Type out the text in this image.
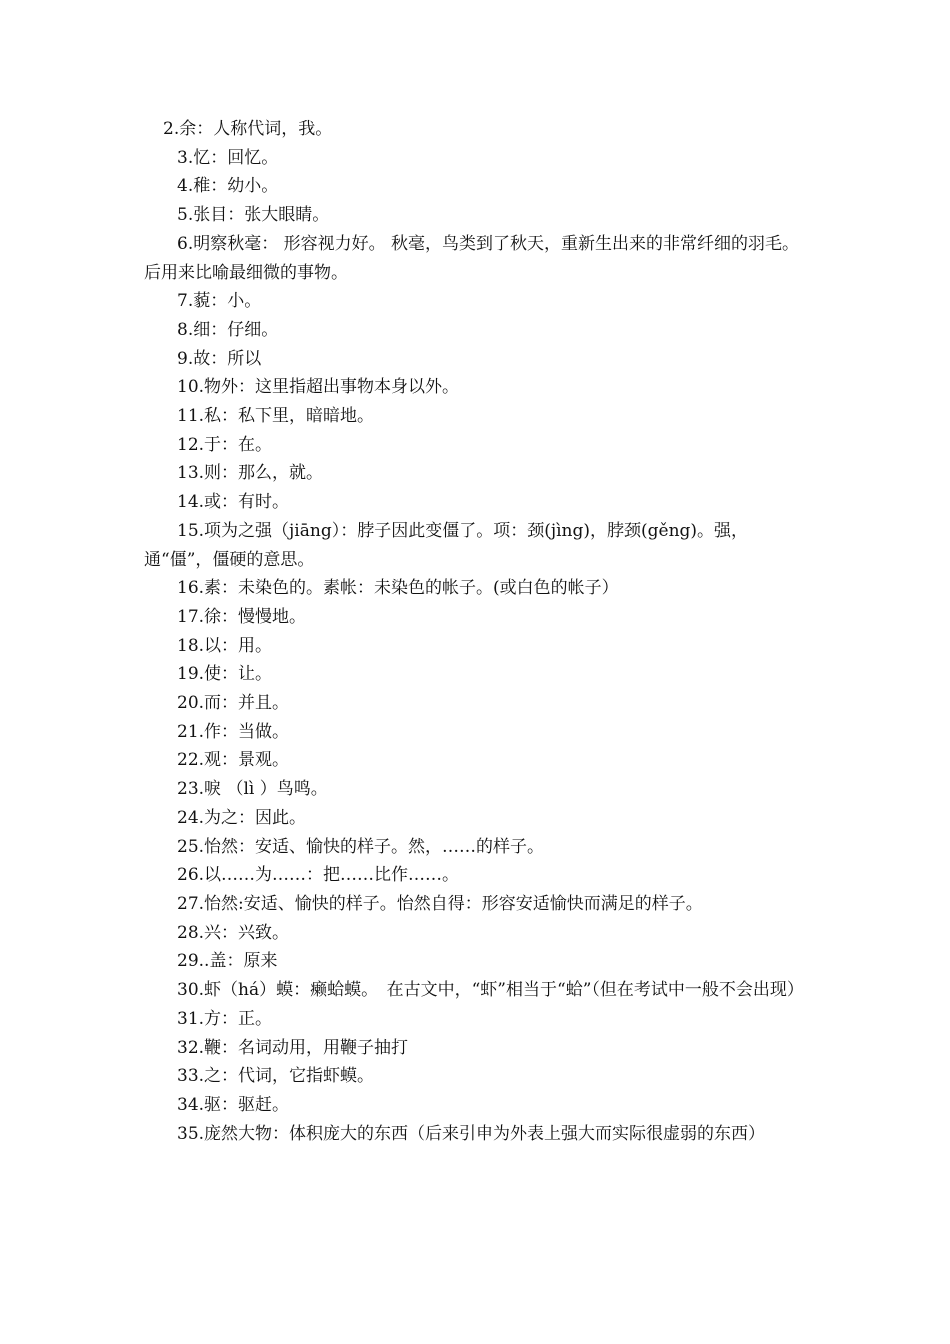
2.余：人称代词，我。

3.忆：回忆。

4.稚：幼小。

5.张目：张大眼睛。

6.明察秋毫： 形容视力好。 秋毫，鸟类到了秋天，重新生出来的非常纤细的羽毛。后用来比喻最细微的事物。

7.藐：小。

8.细：仔细。

9.故：所以

10.物外：这里指超出事物本身以外。

11.私：私下里，暗暗地。

12.于：在。

13.则：那么，就。

14.或：有时。

15.项为之强（jiāng）：脖子因此变僵了。项：颈(jìng)，脖颈(gěng)。强，通“僵”，僵硬的意思。

16.素：未染色的。素帐：未染色的帐子。(或白色的帐子）

17.徐：慢慢地。

18.以：用。

19.使：让。

20.而：并且。

21.作：当做。

22.观：景观。

23.唳 （lì ）鸟鸣。

24.为之：因此。

25.怡然：安适、愉快的样子。然，……的样子。

26.以……为……：把……比作……。

27.怡然:安适、愉快的样子。怡然自得：形容安适愉快而满足的样子。

28.兴：兴致。

29..盖：原来

30.虾（há）蟆：癞蛤蟆。　在古文中，“虾”相当于“蛤”（但在考试中一般不会出现）

31.方：正。

32.鞭：名词动用，用鞭子抽打

33.之：代词，它指虾蟆。

34.驱：驱赶。

35.庞然大物：体积庞大的东西（后来引申为外表上强大而实际很虚弱的东西）
